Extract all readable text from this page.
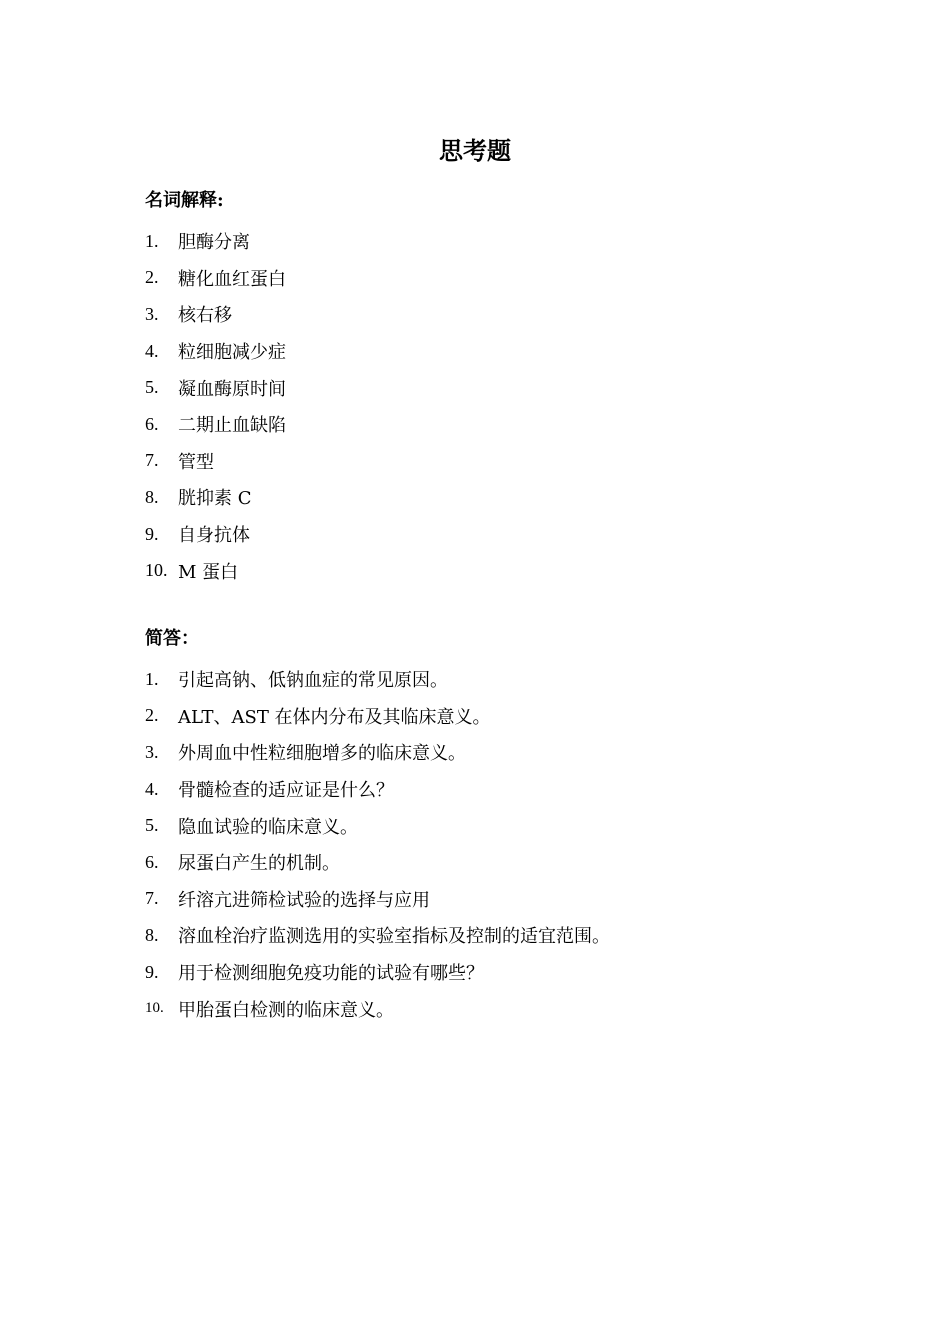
思考题
名词解释:
1.	胆酶分离
2.	糖化血红蛋白
3.	核右移
4.	粒细胞减少症
5.	凝血酶原时间
6.	二期止血缺陷
7.	管型
8.	胱抑素 C
9.	自身抗体
10. M 蛋白
简答：
1.	引起高钠、低钠血症的常见原因。
2.	ALT、AST 在体内分布及其临床意义。
3.	外周血中性粒细胞增多的临床意义。
4.	骨髓检查的适应证是什么？
5.	隐血试验的临床意义。
6.	尿蛋白产生的机制。
7.	纤溶亢进筛检试验的选择与应用
8.	溶血栓治疗监测选用的实验室指标及控制的适宜范围。
9.	用于检测细胞免疫功能的试验有哪些？
10. 甲胎蛋白检测的临床意义。
